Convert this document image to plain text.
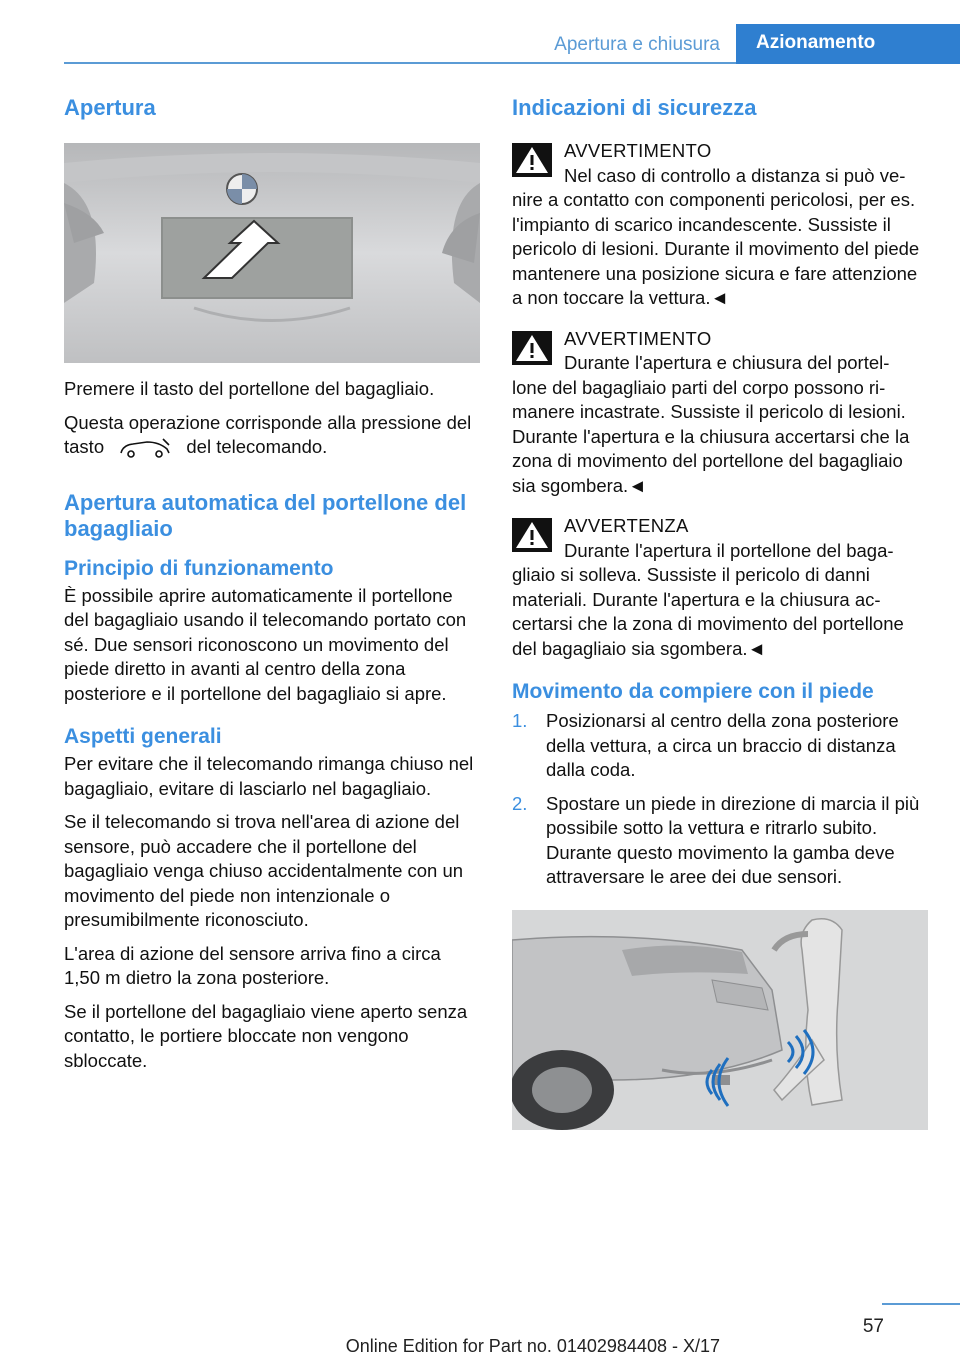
Apertura e chiusura	Azionamento
Apertura

Premere il tasto del portellone del bagagliaio.

Questa operazione corrisponde alla pressione del tasto	del telecomando.

Apertura automatica del portellone del bagagliaio
Principio di funzionamento

È possibile aprire automaticamente il portellone del bagagliaio usando il telecomando portato con sé. Due sensori riconoscono un movimento del piede diretto in avanti al centro della zona posteriore e il portellone del bagagliaio si apre.

Aspetti generali

Per evitare che il telecomando rimanga chiuso nel bagagliaio, evitare di lasciarlo nel bagagliaio.

Se il telecomando si trova nell'area di azione del sensore, può accadere che il portellone del bagagliaio venga chiuso accidentalmente con un movimento del piede non intenzionale o presumibilmente riconosciuto.

L'area di azione del sensore arriva fino a circa 1,50 m dietro la zona posteriore.

Se il portellone del bagagliaio viene aperto senza contatto, le portiere bloccate non vengono sbloccate.

Indicazioni di sicurezza
AVVERTIMENTO
Nel caso di controllo a distanza si può ve-

nire a contatto con componenti pericolosi, per es. l'impianto di scarico incandescente. Sussiste il pericolo di lesioni. Durante il movimento del piede mantenere una posizione sicura e fare attenzione a non toccare la vettura.◄

AVVERTIMENTO
Durante l'apertura e chiusura del portel-

lone del bagagliaio parti del corpo possono rimanere incastrate. Sussiste il pericolo di lesioni. Durante l'apertura e la chiusura accertarsi che la zona di movimento del portellone del bagagliaio sia sgombera.◄

AVVERTENZA
Durante l'apertura il portellone del baga-

gliaio si solleva. Sussiste il pericolo di danni materiali. Durante l'apertura e la chiusura accertarsi che la zona di movimento del portellone del bagagliaio sia sgombera.◄

Movimento da compiere con il piede
1. Posizionarsi al centro della zona posteriore della vettura, a circa un braccio di distanza dalla coda.

2. Spostare un piede in direzione di marcia il più possibile sotto la vettura e ritrarlo subito. Durante questo movimento la gamba deve attraversare le aree dei due sensori.

57
Online Edition for Part no. 01402984408 - X/17
